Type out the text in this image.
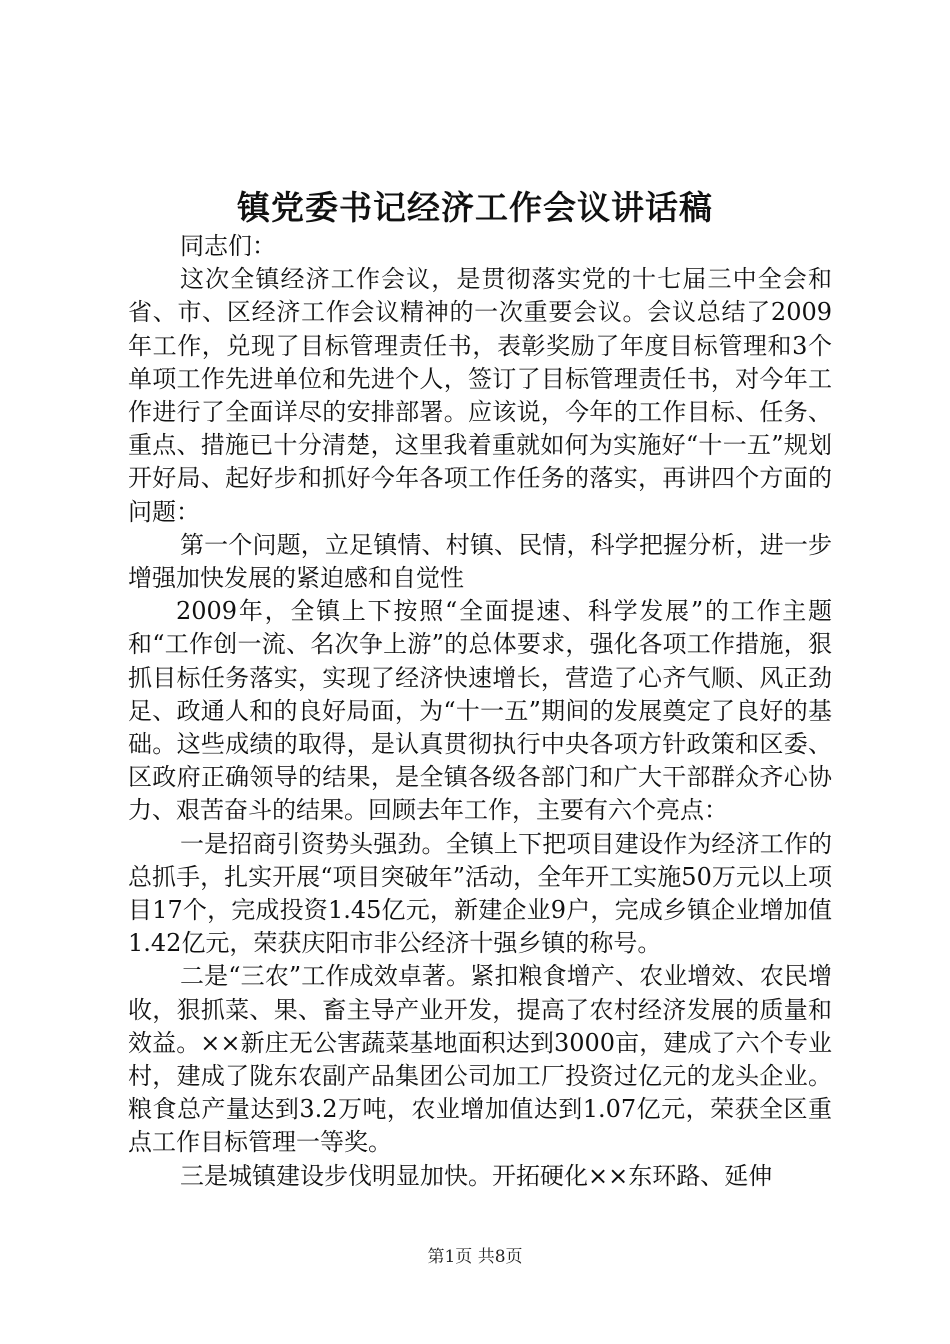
镇党委书记经济工作会议讲话稿

同志们：

这次全镇经济工作会议，是贯彻落实党的十七届三中全会和省、市、区经济工作会议精神的一次重要会议。会议总结了2009年工作，兑现了目标管理责任书，表彰奖励了年度目标管理和3个单项工作先进单位和先进个人，签订了目标管理责任书，对今年工作进行了全面详尽的安排部署。应该说，今年的工作目标、任务、重点、措施已十分清楚，这里我着重就如何为实施好“十一五”规划开好局、起好步和抓好今年各项工作任务的落实，再讲四个方面的问题：

第一个问题，立足镇情、村镇、民情，科学把握分析，进一步增强加快发展的紧迫感和自觉性

2009年，全镇上下按照“全面提速、科学发展”的工作主题和“工作创一流、名次争上游”的总体要求，强化各项工作措施，狠抓目标任务落实，实现了经济快速增长，营造了心齐气顺、风正劲足、政通人和的良好局面，为“十一五”期间的发展奠定了良好的基础。这些成绩的取得，是认真贯彻执行中央各项方针政策和区委、区政府正确领导的结果，是全镇各级各部门和广大干部群众齐心协力、艰苦奋斗的结果。回顾去年工作，主要有六个亮点：

一是招商引资势头强劲。全镇上下把项目建设作为经济工作的总抓手，扎实开展“项目突破年”活动，全年开工实施50万元以上项目17个，完成投资1.45亿元，新建企业9户，完成乡镇企业增加值1.42亿元，荣获庆阳市非公经济十强乡镇的称号。

二是“三农”工作成效卓著。紧扣粮食增产、农业增效、农民增收，狠抓菜、果、畜主导产业开发，提高了农村经济发展的质量和效益。××新庄无公害蔬菜基地面积达到3000亩，建成了六个专业村，建成了陇东农副产品集团公司加工厂投资过亿元的龙头企业。粮食总产量达到3.2万吨，农业增加值达到1.07亿元，荣获全区重点工作目标管理一等奖。

三是城镇建设步伐明显加快。开拓硬化××东环路、延伸

第1页 共8页
